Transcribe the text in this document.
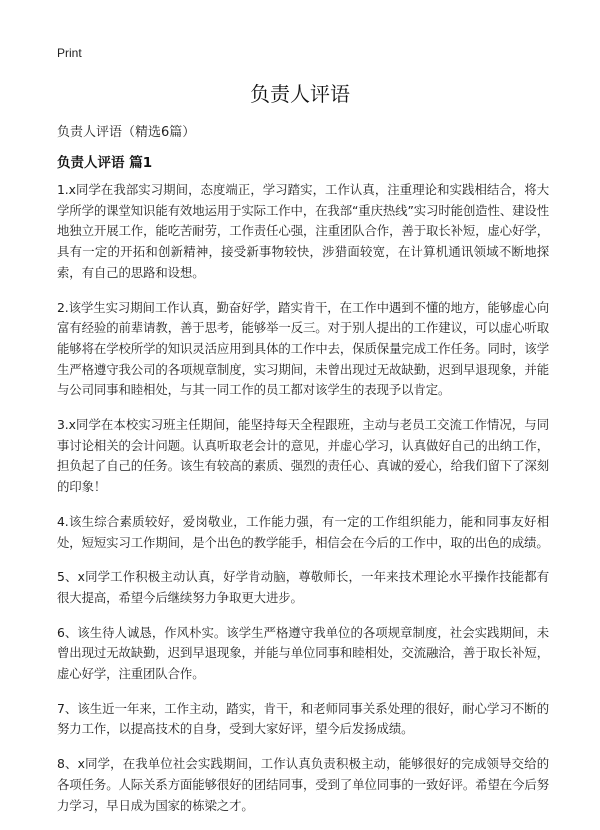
Print
负责人评语
负责人评语（精选6篇）
负责人评语 篇1

1.x同学在我部实习期间，态度端正，学习踏实，工作认真，注重理论和实践相结合，将大学所学的课堂知识能有效地运用于实际工作中，在我部“重庆热线”实习时能创造性、建设性地独立开展工作，能吃苦耐劳，工作责任心强，注重团队合作，善于取长补短，虚心好学，具有一定的开拓和创新精神，接受新事物较快，涉猎面较宽，在计算机通讯领域不断地探索，有自己的思路和设想。

2.该学生实习期间工作认真，勤奋好学，踏实肯干，在工作中遇到不懂的地方，能够虚心向富有经验的前辈请教，善于思考，能够举一反三。对于别人提出的工作建议，可以虚心听取能够将在学校所学的知识灵活应用到具体的工作中去，保质保量完成工作任务。同时，该学生严格遵守我公司的各项规章制度，实习期间，未曾出现过无故缺勤，迟到早退现象，并能与公司同事和睦相处，与其一同工作的员工都对该学生的表现予以肯定。

3.x同学在本校实习班主任期间，能坚持每天全程跟班，主动与老员工交流工作情况，与同事讨论相关的会计问题。认真听取老会计的意见，并虚心学习，认真做好自己的出纳工作，担负起了自己的任务。该生有较高的素质、强烈的责任心、真诚的爱心，给我们留下了深刻的印象！

4.该生综合素质较好，爱岗敬业，工作能力强，有一定的工作组织能力，能和同事友好相处，短短实习工作期间，是个出色的教学能手，相信会在今后的工作中，取的出色的成绩。

5、x同学工作积极主动认真，好学肯动脑，尊敬师长，一年来技术理论水平操作技能都有很大提高，希望今后继续努力争取更大进步。

6、该生待人诚恳，作风朴实。该学生严格遵守我单位的各项规章制度，社会实践期间，未曾出现过无故缺勤，迟到早退现象，并能与单位同事和睦相处，交流融洽，善于取长补短，虚心好学，注重团队合作。

7、该生近一年来，工作主动，踏实，肯干，和老师同事关系处理的很好，耐心学习不断的努力工作，以提高技术的自身，受到大家好评，望今后发扬成绩。

8、x同学，在我单位社会实践期间，工作认真负责积极主动，能够很好的完成领导交给的各项任务。人际关系方面能够很好的团结同事，受到了单位同事的一致好评。希望在今后努力学习，早日成为国家的栋梁之才。
